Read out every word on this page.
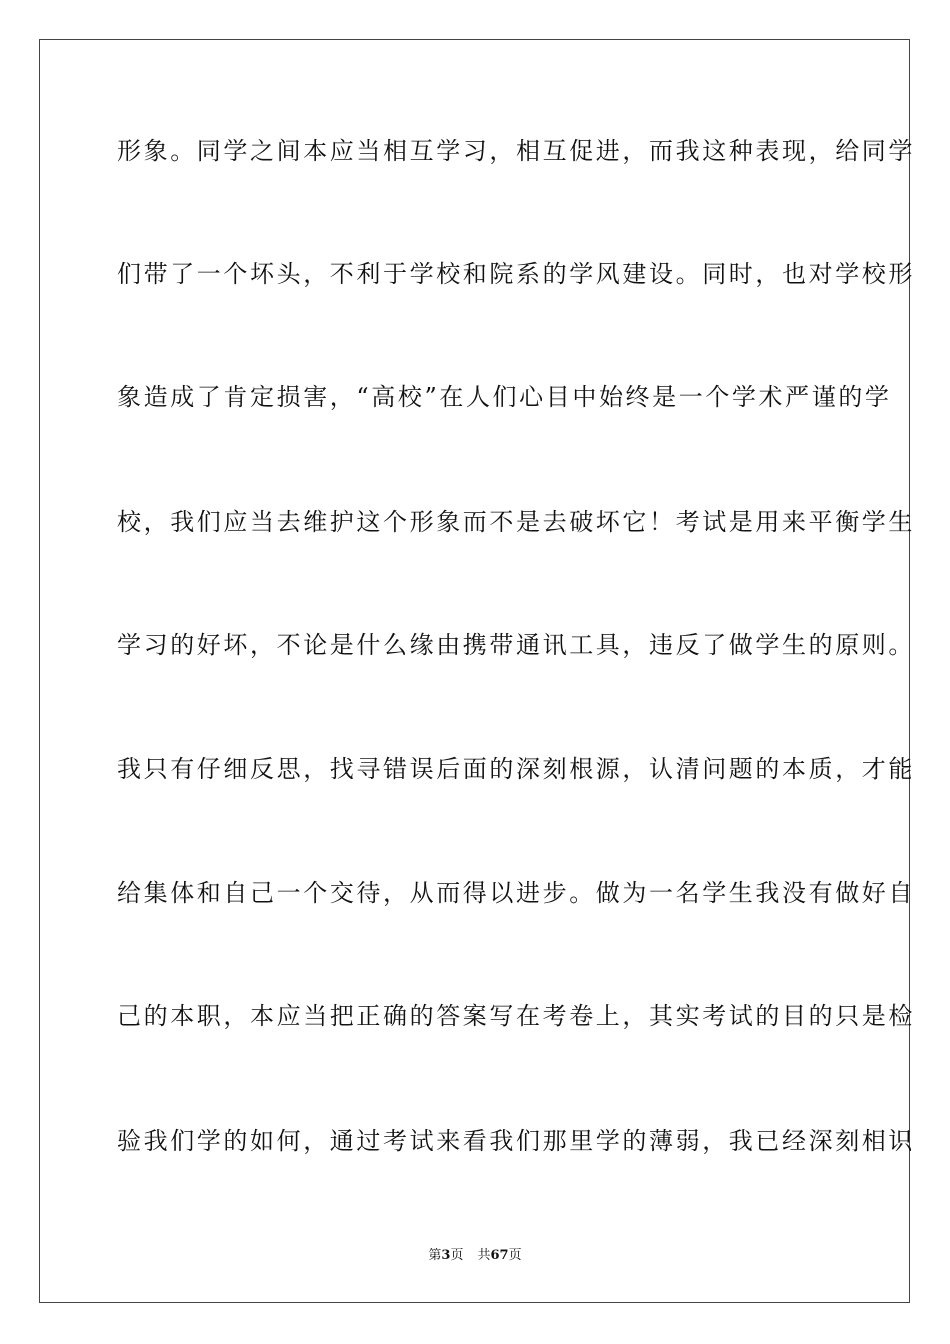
形象。同学之间本应当相互学习，相互促进，而我这种表现，给同学
们带了一个坏头，不利于学校和院系的学风建设。同时，也对学校形
象造成了肯定损害，“高校”在人们心目中始终是一个学术严谨的学
校，我们应当去维护这个形象而不是去破坏它！考试是用来平衡学生
学习的好坏，不论是什么缘由携带通讯工具，违反了做学生的原则。
我只有仔细反思，找寻错误后面的深刻根源，认清问题的本质，才能
给集体和自己一个交待，从而得以进步。做为一名学生我没有做好自
己的本职，本应当把正确的答案写在考卷上，其实考试的目的只是检
验我们学的如何，通过考试来看我们那里学的薄弱，我已经深刻相识
第3页 共67页
